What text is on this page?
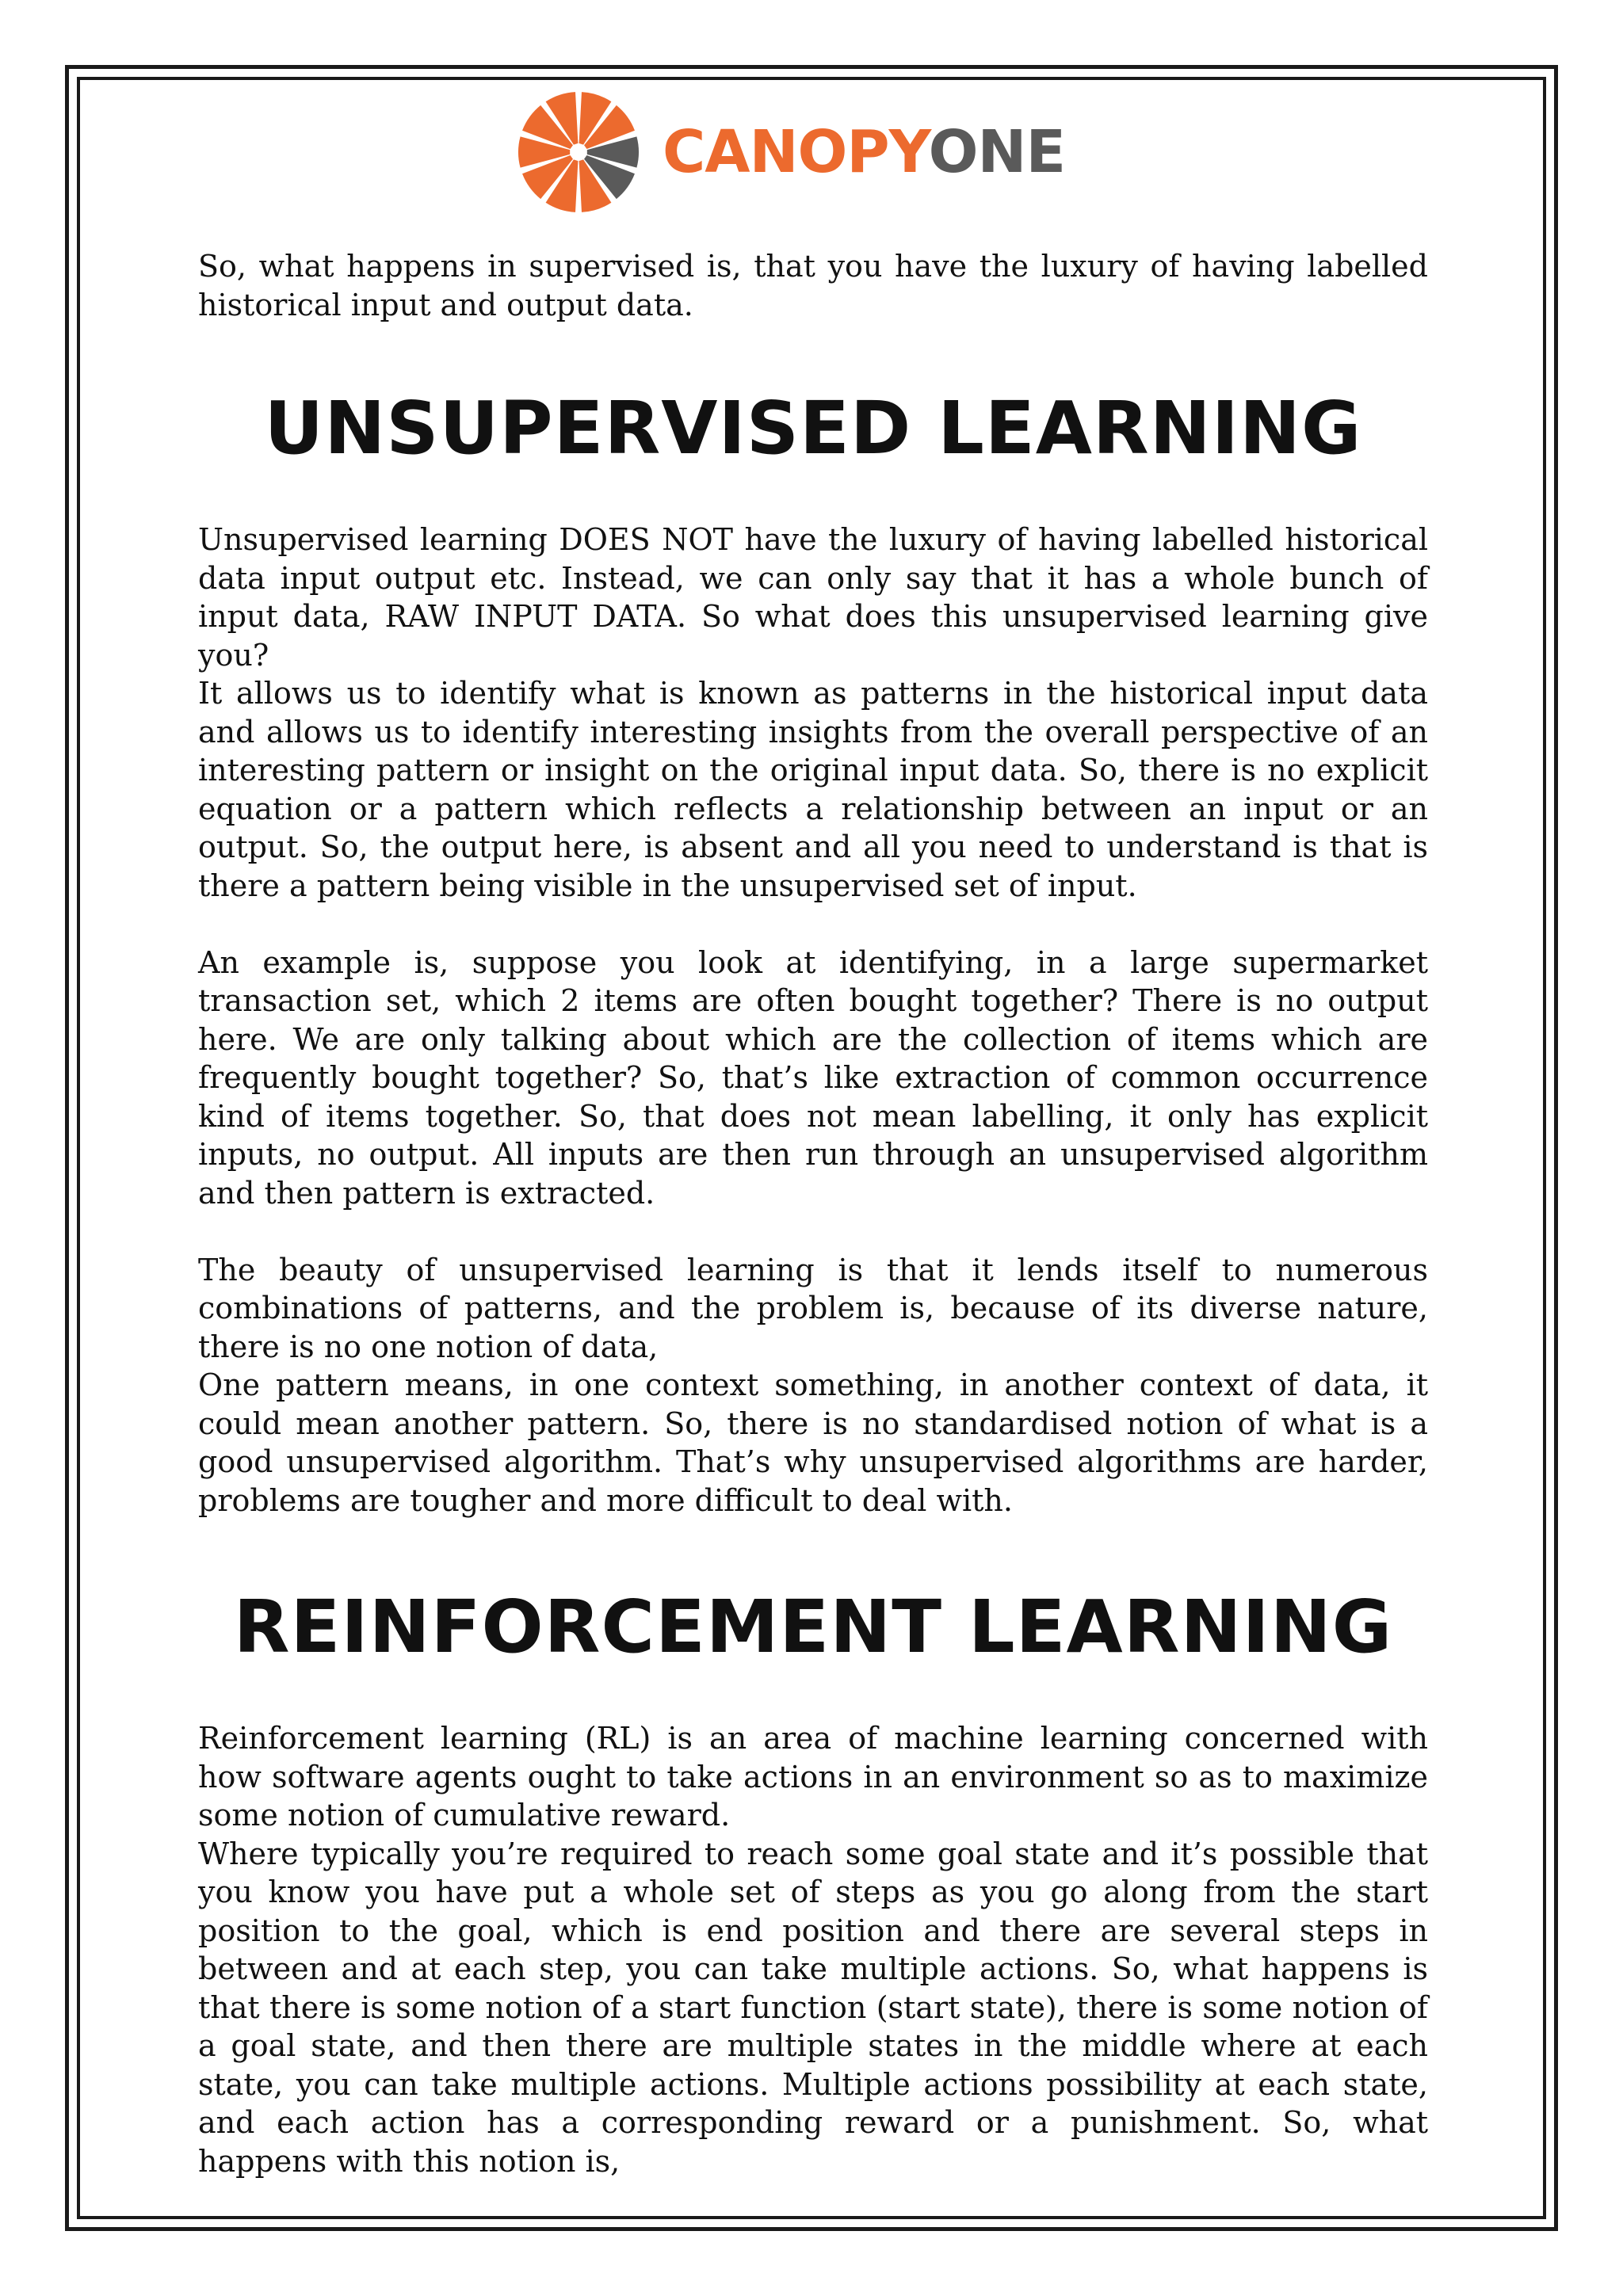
CANOPYONE

So, what happens in supervised is, that you have the luxury of having labelled historical input and output data.

UNSUPERVISED LEARNING

Unsupervised learning DOES NOT have the luxury of having labelled historical data input output etc. Instead, we can only say that it has a whole bunch of input data, RAW INPUT DATA. So what does this unsupervised learning give you?

It allows us to identify what is known as patterns in the historical input data and allows us to identify interesting insights from the overall perspective of an interesting pattern or insight on the original input data. So, there is no explicit equation or a pattern which reflects a relationship between an input or an output. So, the output here, is absent and all you need to understand is that is there a pattern being visible in the unsupervised set of input.

An example is, suppose you look at identifying, in a large supermarket transaction set, which 2 items are often bought together? There is no output here. We are only talking about which are the collection of items which are frequently bought together? So, that’s like extraction of common occurrence kind of items together. So, that does not mean labelling, it only has explicit inputs, no output. All inputs are then run through an unsupervised algorithm and then pattern is extracted.

The beauty of unsupervised learning is that it lends itself to numerous combinations of patterns, and the problem is, because of its diverse nature, there is no one notion of data,

One pattern means, in one context something, in another context of data, it could mean another pattern. So, there is no standardised notion of what is a good unsupervised algorithm. That’s why unsupervised algorithms are harder, problems are tougher and more difficult to deal with.

REINFORCEMENT LEARNING

Reinforcement learning (RL) is an area of machine learning concerned with how software agents ought to take actions in an environment so as to maximize some notion of cumulative reward.

Where typically you’re required to reach some goal state and it’s possible that you know you have put a whole set of steps as you go along from the start position to the goal, which is end position and there are several steps in between and at each step, you can take multiple actions. So, what happens is that there is some notion of a start function (start state), there is some notion of a goal state, and then there are multiple states in the middle where at each state, you can take multiple actions. Multiple actions possibility at each state, and each action has a corresponding reward or a punishment. So, what happens with this notion is,
